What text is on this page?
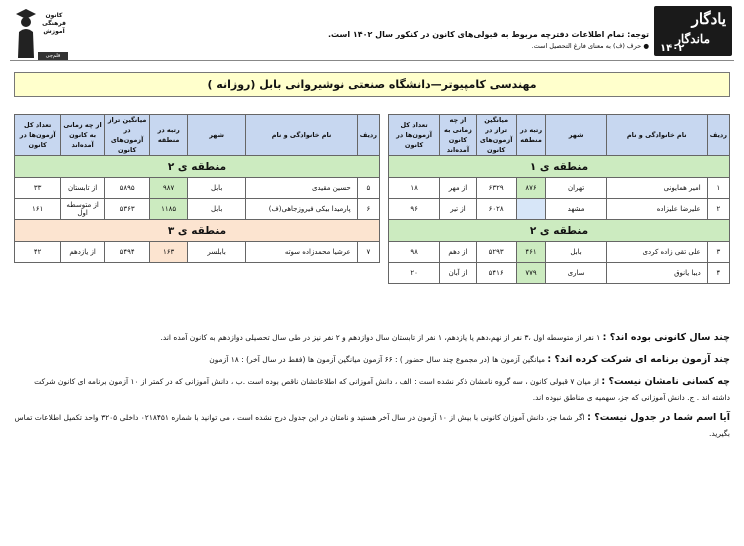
یادگار
ماندگار
۱۴۰۲
توجه: تمام اطلاعات دفترچه مربوط به قبولی‌های کانون در کنکور سال ۱۴۰۲ است.
● حرف (ف) به معنای فارغ التحصیل است.
کانون فرهنگی آموزش
قلم‌چی
مهندسی کامپیوتر—دانشگاه صنعتی نوشیروانی بابل (روزانه )
ردیف	نام خانوادگی و نام	شهر	رتبه در منطقه	میانگین تراز در آزمون‌های کانون	از چه زمانی به کانون آمده‌اند	تعداد کل آزمون‌ها در کانون
منطقه ی ۱						
۱	امیر همایونی	تهران	۸۷۶	۶۳۲۹	از مهر	۱۸
۲	علیرضا علیزاده	مشهد		۶۰۲۸	از تیر	۹۶
منطقه ی ۲						
۳	علی تقی زاده کردی	بابل	۴۶۱	۵۲۹۳	از دهم	۹۸
۴	دیبا یانوق	ساری	۷۷۹	۵۴۱۶	از آبان	۲۰
ردیف	نام خانوادگی و نام	شهر	رتبه در منطقه	میانگین تراز در آزمون‌های کانون	از چه زمانی به کانون آمده‌اند	تعداد کل آزمون‌ها در کانون
منطقه ی ۲						
۵	حسین مقیدی	بابل	۹۸۷	۵۸۹۵	از تابستان	۳۳
۶	پارمیدا بیکی فیروزجاهی(ف)	بابل	۱۱۸۵	۵۳۶۳	از متوسطه اول	۱۶۱
منطقه ی ۳						
۷	عرشیا محمدزاده سوته	بابلسر	۱۶۳	۵۴۹۴	از یازدهم	۴۲
چند سال کانونی بوده اند؟ : ۱ نفر از متوسطه اول ،۳ نفر از نهم،دهم یا یازدهم، ۱ نفر از تابستان سال دوازدهم و ۲ نفر نیز در طی سال تحصیلی دوازدهم به کانون آمده اند.
چند آزمون برنامه ای شرکت کرده اند؟ : میانگین آزمون ها (در مجموع چند سال حضور ) : ۶۶ آزمون میانگین آزمون ها (فقط در سال آخر) : ۱۸ آزمون
چه کسانی نامشان نیست؟ : از میان ۷ قبولی کانون ، سه گروه نامشان ذکر نشده است : الف ، دانش آموزانی که اطلاعاتشان ناقص بوده است .ب ، دانش آموزانی که در کمتر از ۱۰ آزمون برنامه ای کانون شرکت داشته اند . ج. دانش آموزانی که جز، سهمیه ی مناطق نبوده اند.
آیا اسم شما در جدول نیست؟ : اگر شما جز، دانش آموزان کانونی با بیش از ۱۰ آزمون در سال آخر هستید و نامتان در این جدول درج نشده است ، می توانید با شماره ۰۲۱۸۴۵۱ داخلی ۳۲۰۵ واحد تکمیل اطلاعات تماس بگیرید.
